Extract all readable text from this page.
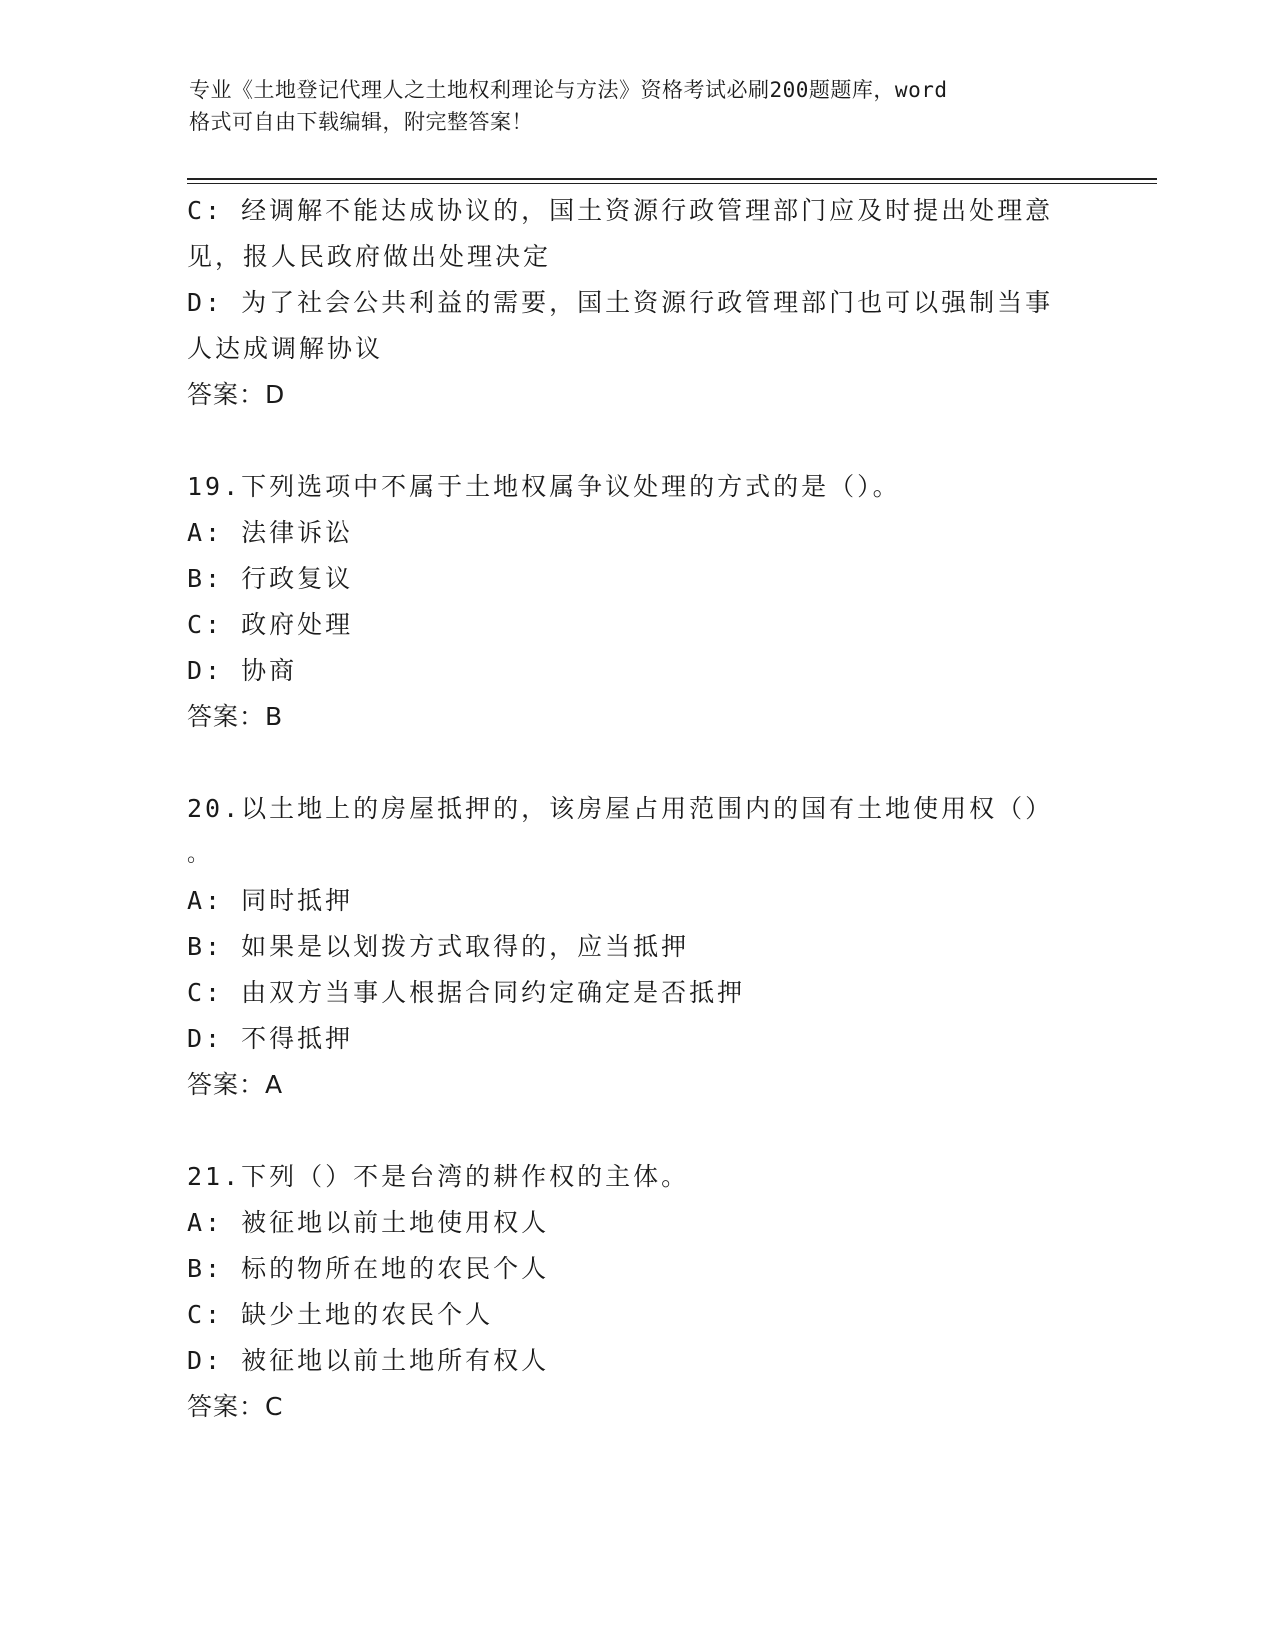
专业《土地登记代理人之土地权利理论与方法》资格考试必刷200题题库，word
格式可自由下载编辑，附完整答案！
C: 经调解不能达成协议的，国土资源行政管理部门应及时提出处理意
见，报人民政府做出处理决定
D: 为了社会公共利益的需要，国土资源行政管理部门也可以强制当事
人达成调解协议
答案：D
19.下列选项中不属于土地权属争议处理的方式的是（）。
A: 法律诉讼
B: 行政复议
C: 政府处理
D: 协商
答案：B
20.以土地上的房屋抵押的，该房屋占用范围内的国有土地使用权（）
。
A: 同时抵押
B: 如果是以划拨方式取得的，应当抵押
C: 由双方当事人根据合同约定确定是否抵押
D: 不得抵押
答案：A
21.下列（）不是台湾的耕作权的主体。
A: 被征地以前土地使用权人
B: 标的物所在地的农民个人
C: 缺少土地的农民个人
D: 被征地以前土地所有权人
答案：C
